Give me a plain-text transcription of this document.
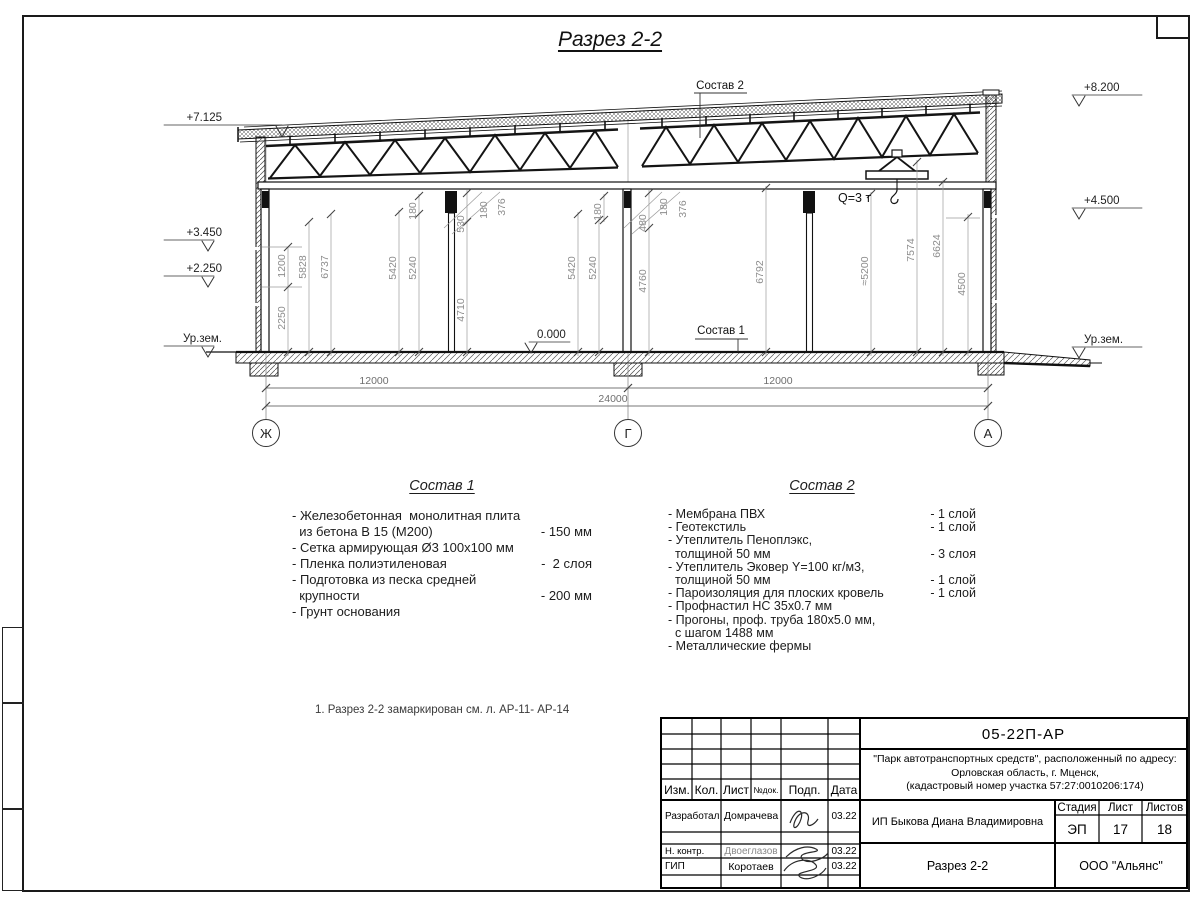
Разрез 2-2
1200
2250
5828 6737	5420 5240
180
530
180 376
4710
180
480
180 376
5420 5240
4760	6792	≈5200
7574 6624
4500
12000	12000
24000
Ж	Г	А
+7.125
+3.450
+2.250
Ур.зем.
+8.200
+4.500
Ур.зем.
0.000
Состав 2
Состав 1
Q=3 т
Состав 1
- Железобетонная  монолитная плита
из бетона В 15 (М200)	- 150 мм
- Сетка армирующая Ø3 100х100 мм
- Пленка полиэтиленовая	-  2 слоя
- Подготовка из песка средней
крупности	- 200 мм
- Грунт основания
Состав 2
- Мембрана ПВХ	- 1 слой
- Геотекстиль	- 1 слой
- Утеплитель Пеноплэкс,
толщиной 50 мм	- 3 слоя
- Утеплитель Эковер Y=100 кг/м3,
толщиной 50 мм	- 1 слой
- Пароизоляция для плоских кровель	- 1 слой
- Профнастил НС 35х0.7 мм
- Прогоны, проф. труба 180х5.0 мм,
с шагом 1488 мм
- Металлические фермы
1. Разрез 2-2 замаркирован см. л. АР-11- АР-14
Изм. Кол. Лист №док. Подп. Дата
Разработал Домрачева	03.22
Н. контр.	Двоеглазов	03.22
ГИП	Коротаев	03.22
05-22П-АР
"Парк автотранспортных средств", расположенный по адресу:
Орловская область, г. Мценск,
(кадастровый номер участка 57:27:0010206:174)
ИП Быкова Диана Владимировна
Стадия Лист	Листов
ЭП	17	18
Разрез 2-2	ООО "Альянс"
